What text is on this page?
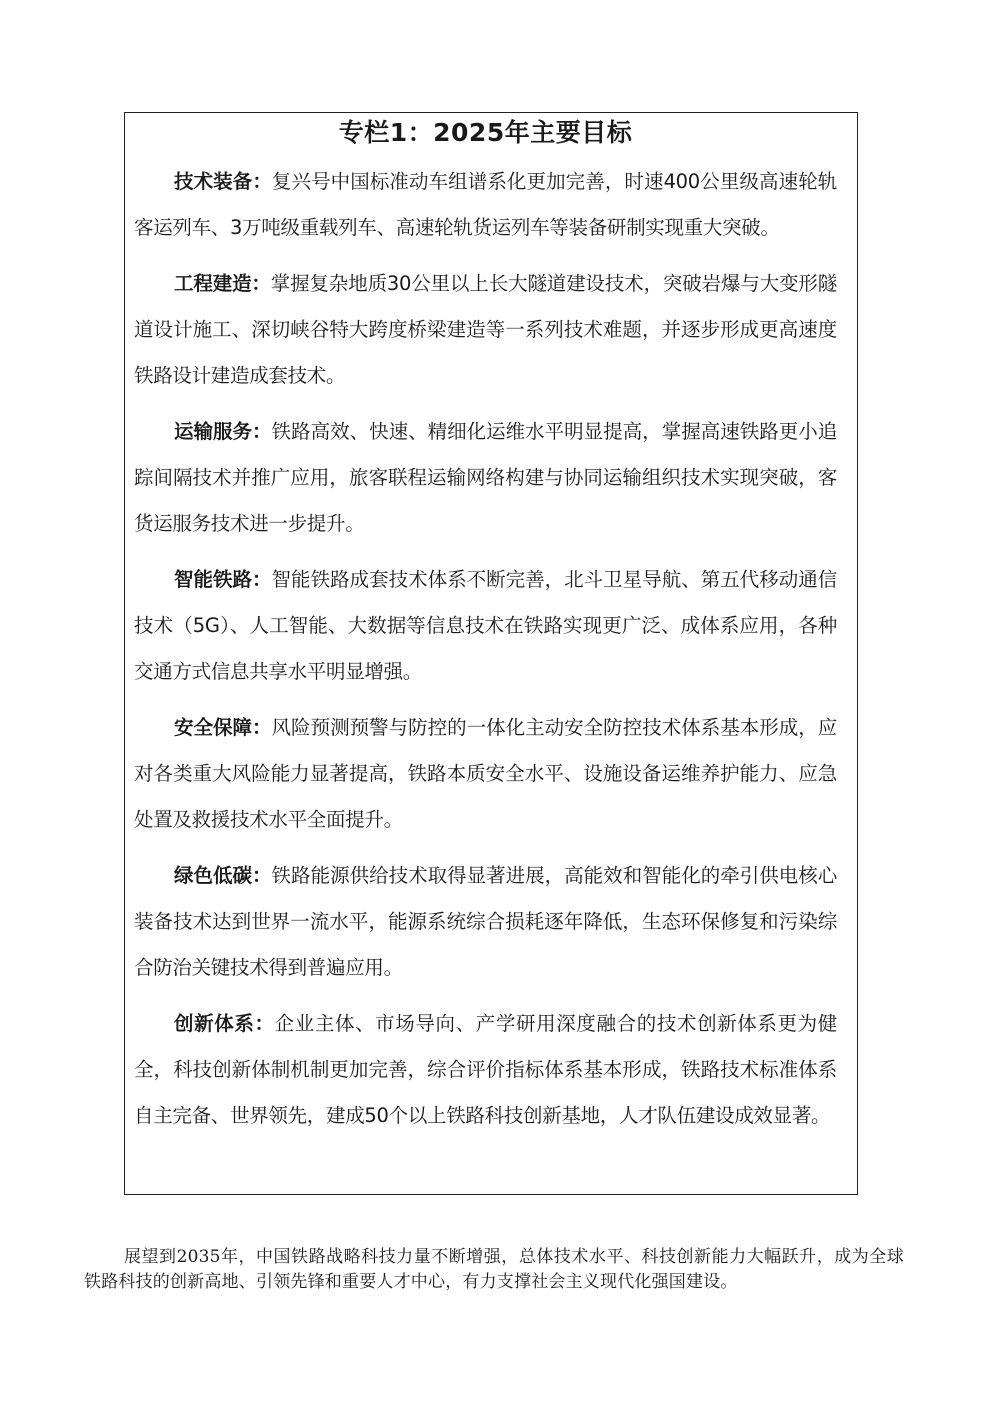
专栏1：2025年主要目标

技术装备：复兴号中国标准动车组谱系化更加完善，时速400公里级高速轮轨客运列车、3万吨级重载列车、高速轮轨货运列车等装备研制实现重大突破。

工程建造：掌握复杂地质30公里以上长大隧道建设技术，突破岩爆与大变形隧道设计施工、深切峡谷特大跨度桥梁建造等一系列技术难题，并逐步形成更高速度铁路设计建造成套技术。

运输服务：铁路高效、快速、精细化运维水平明显提高，掌握高速铁路更小追踪间隔技术并推广应用，旅客联程运输网络构建与协同运输组织技术实现突破，客货运服务技术进一步提升。

智能铁路：智能铁路成套技术体系不断完善，北斗卫星导航、第五代移动通信技术（5G）、人工智能、大数据等信息技术在铁路实现更广泛、成体系应用，各种交通方式信息共享水平明显增强。

安全保障：风险预测预警与防控的一体化主动安全防控技术体系基本形成，应对各类重大风险能力显著提高，铁路本质安全水平、设施设备运维养护能力、应急处置及救援技术水平全面提升。

绿色低碳：铁路能源供给技术取得显著进展，高能效和智能化的牵引供电核心装备技术达到世界一流水平，能源系统综合损耗逐年降低，生态环保修复和污染综合防治关键技术得到普遍应用。

创新体系：企业主体、市场导向、产学研用深度融合的技术创新体系更为健全，科技创新体制机制更加完善，综合评价指标体系基本形成，铁路技术标准体系自主完备、世界领先，建成50个以上铁路科技创新基地，人才队伍建设成效显著。

展望到2035年，中国铁路战略科技力量不断增强，总体技术水平、科技创新能力大幅跃升，成为全球铁路科技的创新高地、引领先锋和重要人才中心，有力支撑社会主义现代化强国建设。
